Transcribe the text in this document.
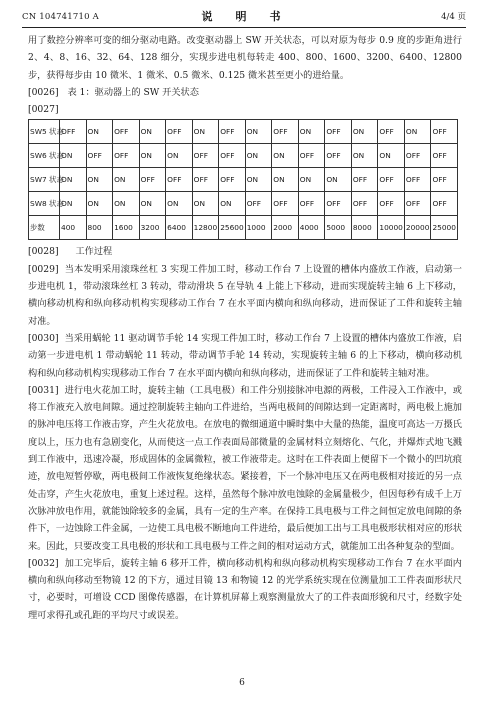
CN 104741710 A	说　明　书	4/4 页

用了数控分辨率可变的细分驱动电路。改变驱动器上 SW 开关状态，可以对原为每步 0.9 度的步距角进行 2、4、8、16、32、64、128 细分，实现步进电机每转走 400、800、1600、3200、6400、12800 步，获得每步由 10 微米、1 微米、0.5 微米、0.125 微米甚至更小的进给量。

[0026] 表 1：驱动器上的 SW 开关状态

[0027]

SW5 状态	OFF	ON	OFF	ON	OFF	ON	OFF	ON	OFF	ON	OFF	ON	OFF	ON	OFF
SW6 状态	ON	OFF	OFF	ON	ON	OFF	OFF	ON	ON	OFF	OFF	ON	ON	OFF	OFF
SW7 状态	ON	ON	ON	OFF	OFF	OFF	OFF	ON	ON	ON	ON	OFF	OFF	OFF	OFF
SW8 状态	ON	ON	ON	ON	ON	ON	ON	OFF	OFF	OFF	OFF	OFF	OFF	OFF	OFF
步数	400	800	1600	3200	6400	12800	25600	1000	2000	4000	5000	8000	10000	20000	25000

[0028] 工作过程

[0029] 当本发明采用滚珠丝杠 3 实现工件加工时，移动工作台 7 上设置的槽体内盛放工作液，启动第一步进电机 1，带动滚珠丝杠 3 转动，带动滑块 5 在导轨 4 上能上下移动，进而实现旋转主轴 6 上下移动，横向移动机构和纵向移动机构实现移动工作台 7 在水平面内横向和纵向移动，进而保证了工件和旋转主轴对准。

[0030] 当采用蜗轮 11 驱动调节手轮 14 实现工件加工时，移动工作台 7 上设置的槽体内盛放工作液，启动第一步进电机 1 带动蜗轮 11 转动，带动调节手轮 14 转动，实现旋转主轴 6 的上下移动，横向移动机构和纵向移动机构实现移动工作台 7 在水平面内横向和纵向移动，进而保证了工件和旋转主轴对准。

[0031] 进行电火花加工时，旋转主轴（工具电极）和工件分别接脉冲电源的两极，工件浸入工作液中，或将工作液充入放电间隙。通过控制旋转主轴向工件进给，当两电极间的间隙达到一定距离时，两电极上施加的脉冲电压将工作液击穿，产生火花放电。在放电的微细通道中瞬时集中大量的热能，温度可高达一万摄氏度以上，压力也有急剧变化，从而使这一点工作表面局部微量的金属材料立刻熔化、气化，并爆炸式地飞溅到工作液中，迅速冷凝，形成固体的金属微粒，被工作液带走。这时在工件表面上便留下一个微小的凹坑痕迹，放电短暂停歇，两电极间工作液恢复绝缘状态。紧接着，下一个脉冲电压又在两电极相对接近的另一点处击穿，产生火花放电，重复上述过程。这样，虽然每个脉冲放电蚀除的金属量极少，但因每秒有成千上万次脉冲放电作用，就能蚀除较多的金属，具有一定的生产率。在保持工具电极与工件之间恒定放电间隙的条件下，一边蚀除工件金属，一边使工具电极不断地向工件进给，最后便加工出与工具电极形状相对应的形状来。因此，只要改变工具电极的形状和工具电极与工件之间的相对运动方式，就能加工出各种复杂的型面。

[0032] 加工完毕后，旋转主轴 6 移开工件，横向移动机构和纵向移动机构实现移动工作台 7 在水平面内横向和纵向移动至物镜 12 的下方，通过目镜 13 和物镜 12 的光学系统实现在位测量加工工件表面形状尺寸，必要时，可增设 CCD 图像传感器，在计算机屏幕上观察测量放大了的工件表面形貌和尺寸，经数字处理可求得孔或孔距的平均尺寸或误差。

6
